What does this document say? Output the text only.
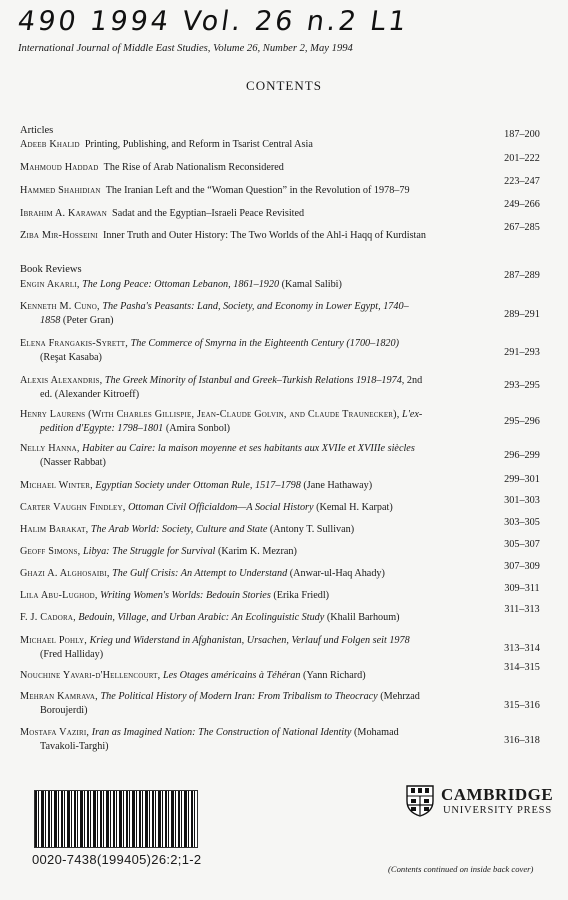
490 1994 Vol. 26 n.2 L1
International Journal of Middle East Studies, Volume 26, Number 2, May 1994
CONTENTS
Articles
Adeeb Khalid Printing, Publishing, and Reform in Tsarist Central Asia
187–200
Mahmoud Haddad The Rise of Arab Nationalism Reconsidered
201–222
Hammed Shahidian The Iranian Left and the “Woman Question” in the Revolution of 1978–79
223–247
Ibrahim A. Karawan Sadat and the Egyptian–Israeli Peace Revisited
249–266
Ziba Mir-Hosseini Inner Truth and Outer History: The Two Worlds of the Ahl-i Haqq of Kurdistan
267–285
Book Reviews
Engin Akarli, The Long Peace: Ottoman Lebanon, 1861–1920 (Kamal Salibi)
287–289
Kenneth M. Cuno, The Pasha's Peasants: Land, Society, and Economy in Lower Egypt, 1740–
1858 (Peter Gran)
289–291
Elena Frangakis-Syrett, The Commerce of Smyrna in the Eighteenth Century (1700–1820)
(Reşat Kasaba)	291–293
Alexis Alexandris, The Greek Minority of Istanbul and Greek–Turkish Relations 1918–1974, 2nd
ed. (Alexander Kitroeff)
293–295
Henry Laurens (With Charles Gillispie, Jean-Claude Golvin, and Claude Traunecker), L'ex-
pedition d'Egypte: 1798–1801 (Amira Sonbol)
295–296
Nelly Hanna, Habiter au Caire: la maison moyenne et ses habitants aux XVIIe et XVIIIe siècles
(Nasser Rabbat)
296–299
Michael Winter, Egyptian Society under Ottoman Rule, 1517–1798 (Jane Hathaway)
299–301
Carter Vaughn Findley, Ottoman Civil Officialdom—A Social History (Kemal H. Karpat)
301–303
Halim Barakat, The Arab World: Society, Culture and State (Antony T. Sullivan)
303–305
Geoff Simons, Libya: The Struggle for Survival (Karim K. Mezran)
305–307
Ghazi A. Alghosaibi, The Gulf Crisis: An Attempt to Understand (Anwar-ul-Haq Ahady)
307–309
Lila Abu-Lughod, Writing Women's Worlds: Bedouin Stories (Erika Friedl)
309–311
F. J. Cadora, Bedouin, Village, and Urban Arabic: An Ecolinguistic Study (Khalil Barhoum)
311–313
Michael Pohly, Krieg und Widerstand in Afghanistan, Ursachen, Verlauf und Folgen seit 1978
(Fred Halliday)
313–314
Nouchine Yavari-d'Hellencourt, Les Otages américains à Téhéran (Yann Richard)
314–315
Mehran Kamrava, The Political History of Modern Iran: From Tribalism to Theocracy (Mehrzad
Boroujerdi)	315–316
Mostafa Vaziri, Iran as Imagined Nation: The Construction of National Identity (Mohamad
Tavakoli-Targhi)
316–318
0020-7438(199405)26:2;1-2
CAMBRIDGE
UNIVERSITY PRESS
(Contents continued on inside back cover)
